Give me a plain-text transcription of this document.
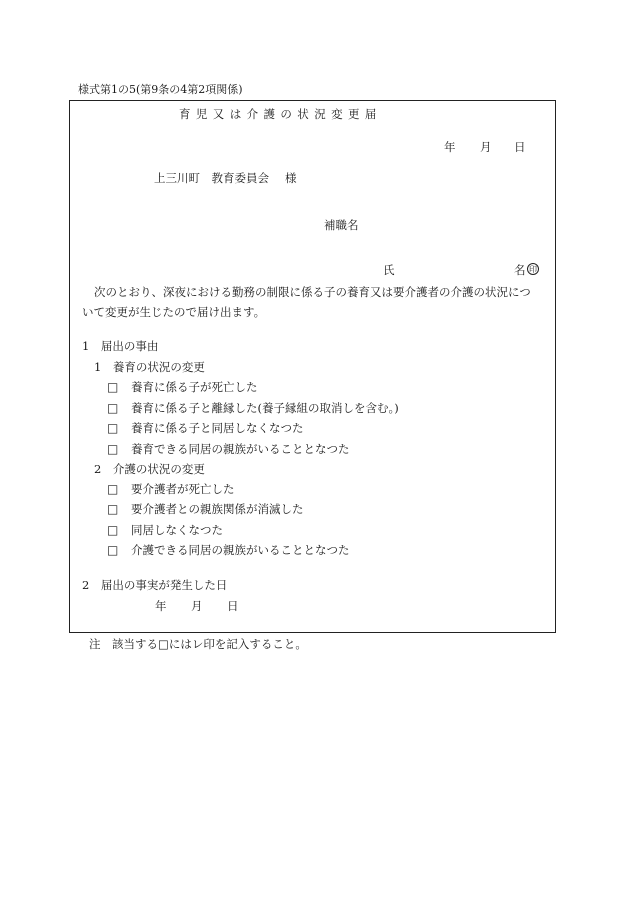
様式第1の5(第9条の4第2項関係)
育児又は介護の状況変更届
年 月 日
上三川町　教育委員会 様
補職名
氏	名 印
次のとおり、深夜における勤務の制限に係る子の養育又は要介護者の介護の状況につ
いて変更が生じたので届け出ます。
1　届出の事由
1　養育の状況の変更
□ 養育に係る子が死亡した
□ 養育に係る子と離縁した(養子縁組の取消しを含む。)
□ 養育に係る子と同居しなくなつた
□ 養育できる同居の親族がいることとなつた
2　介護の状況の変更
□ 要介護者が死亡した
□ 要介護者との親族関係が消滅した
□ 同居しなくなつた
□ 介護できる同居の親族がいることとなつた
2　届出の事実が発生した日
年 月 日
注　該当する□にはレ印を記入すること。
